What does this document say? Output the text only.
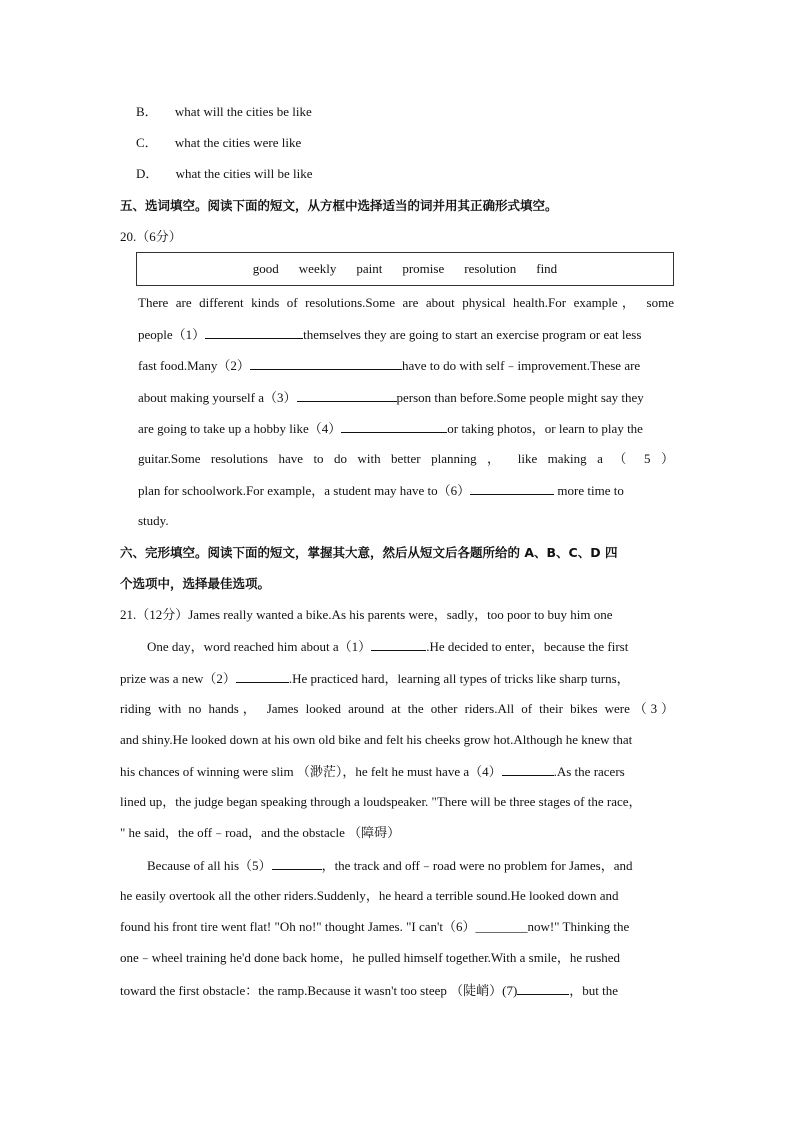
B． what will the cities be like
C． what the cities were like
D． what the cities will be like
五、选词填空。阅读下面的短文，从方框中选择适当的词并用其正确形式填空。
20.（6分）
good weekly paint promise resolution find
There are different kinds of resolutions.Some are about physical health.For example， some
people（1）	themselves they are going to start an exercise program or eat less
fast food.Many（2）	have to do with self﹣improvement.These are
about making yourself a（3）	person than before.Some people might say they
are going to take up a hobby like（4）	or taking photos，or learn to play the
guitar.Some resolutions have to do with better planning ， like making a （ 5 ）
plan for schoolwork.For example，a student may have to（6）	more time to
study.
六、完形填空。阅读下面的短文，掌握其大意，然后从短文后各题所给的 A、B、C、D 四
个选项中，选择最佳选项。
21.（12分）James really wanted a bike.As his parents were，sadly，too poor to buy him one
One day，word reached him about a（1）	.He decided to enter，because the first
prize was a new（2）	.He practiced hard，learning all types of tricks like sharp turns，
riding with no hands， James looked around at the other riders.All of their bikes were（3）
and shiny.He looked down at his own old bike and felt his cheeks grow hot.Although he knew that
his chances of winning were slim （渺茫），he felt he must have a（4）	.As the racers
lined up，the judge began speaking through a loudspeaker. "There will be three stages of the race，
" he said，the off﹣road，and the obstacle （障碍）
Because of all his（5）	，the track and off﹣road were no problem for James，and
he easily overtook all the other riders.Suddenly，he heard a terrible sound.He looked down and
found his front tire went flat! "Oh no!" thought James. "I can't（6）________now!" Thinking the
one﹣wheel training he'd done back home，he pulled himself together.With a smile，he rushed
toward the first obstacle：the ramp.Because it wasn't too steep （陡峭）(7)	，but the
